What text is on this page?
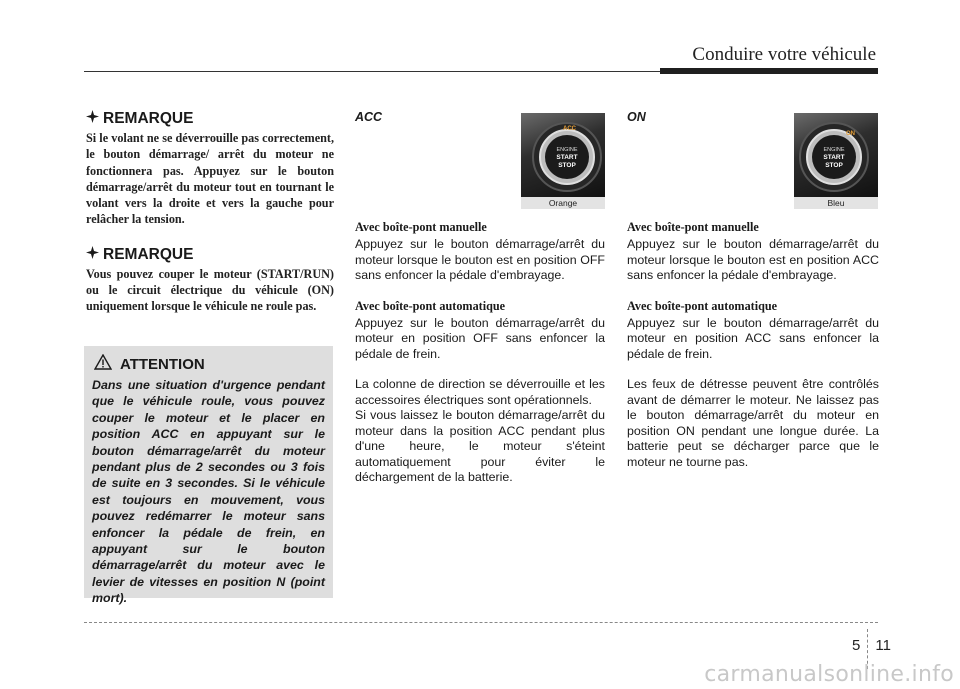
Conduire votre véhicule
REMARQUE
Si le volant ne se déverrouille pas correctement, le bouton démarrage/ arrêt du moteur ne fonctionnera pas. Appuyez sur le bouton démarrage/arrêt du moteur tout en tournant le volant vers la droite et vers la gauche pour relâcher la tension.
REMARQUE
Vous pouvez couper le moteur (START/RUN) ou le circuit électrique du véhicule (ON) uniquement lorsque le véhicule ne roule pas.
ATTENTION
Dans une situation d'urgence pendant que le véhicule roule, vous pouvez couper le moteur et le placer en position ACC en appuyant sur le bouton démarrage/arrêt du moteur pendant plus de 2 secondes ou 3 fois de suite en 3 secondes. Si le véhicule est toujours en mouvement, vous pouvez redémarrer le moteur sans enfoncer la pédale de frein, en appuyant sur le bouton démarrage/arrêt du moteur avec le levier de vitesses en position N (point mort).
ACC
ACC
ENGINE
START
STOP
Orange
Avec boîte-pont manuelle
Appuyez sur le bouton démarrage/arrêt du moteur lorsque le bouton est en position OFF sans enfoncer la pédale d'embrayage.
Avec boîte-pont automatique
Appuyez sur le bouton démarrage/arrêt du moteur en position OFF sans enfoncer la pédale de frein.
La colonne de direction se déverrouille et les accessoires électriques sont opérationnels.
Si vous laissez le bouton démarrage/arrêt du moteur dans la position ACC pendant plus d'une heure, le moteur s'éteint automatiquement pour éviter le déchargement de la batterie.
ON
ON
ENGINE
START
STOP
Bleu
Avec boîte-pont manuelle
Appuyez sur le bouton démarrage/arrêt du moteur lorsque le bouton est en position ACC sans enfoncer la pédale d'embrayage.
Avec boîte-pont automatique
Appuyez sur le bouton démarrage/arrêt du moteur en position ACC sans enfoncer la pédale de frein.
Les feux de détresse peuvent être contrôlés avant de démarrer le moteur. Ne laissez pas le bouton démarrage/arrêt du moteur en position ON pendant une longue durée. La batterie peut se décharger parce que le moteur ne tourne pas.
5 11
carmanualsonline.info
